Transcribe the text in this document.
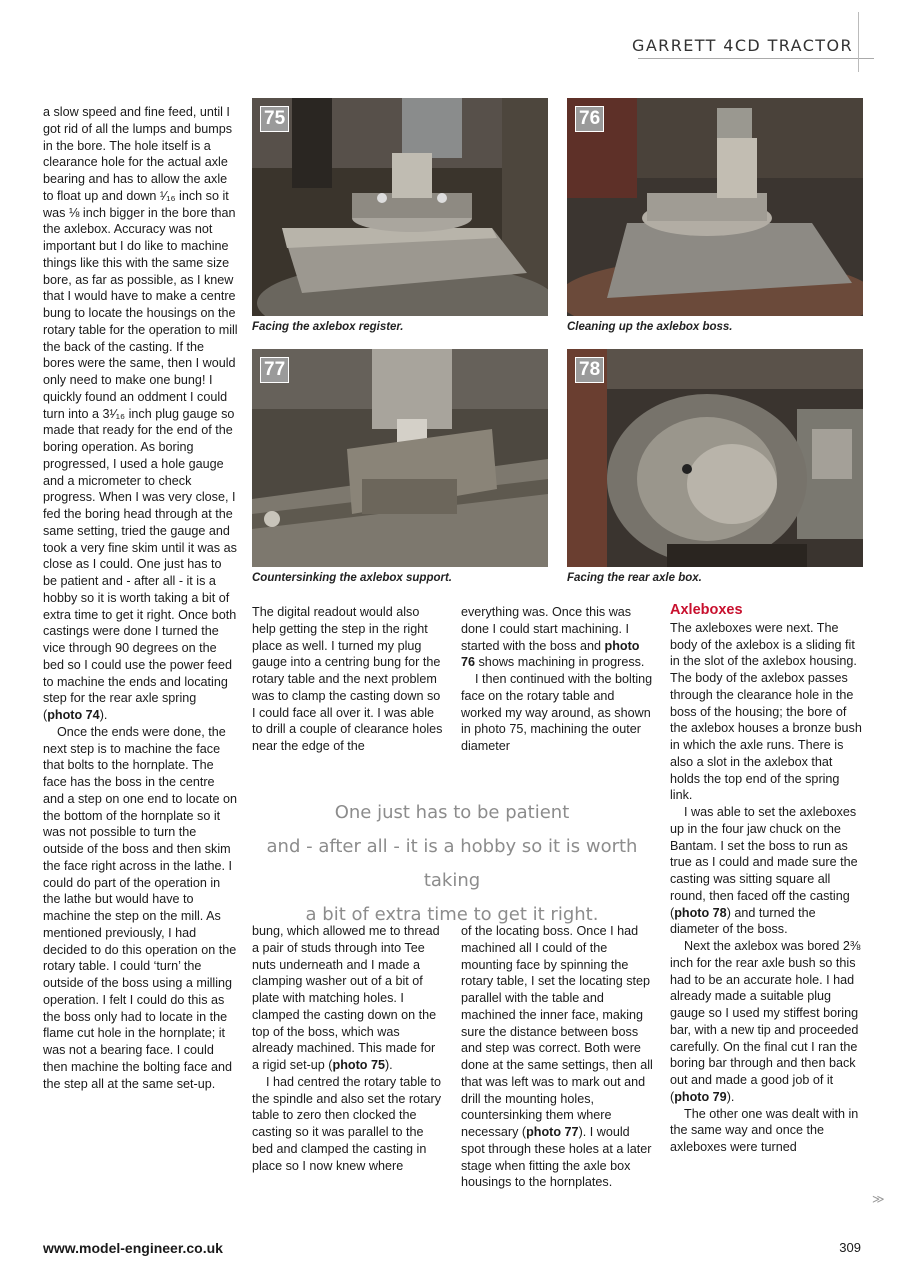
GARRETT 4CD TRACTOR

a slow speed and fine feed, until I got rid of all the lumps and bumps in the bore. The hole itself is a clearance hole for the actual axle bearing and has to allow the axle to float up and down ¹⁄₁₆ inch so it was ⅛ inch bigger in the bore than the axlebox. Accuracy was not important but I do like to machine things like this with the same size bore, as far as possible, as I knew that I would have to make a centre bung to locate the housings on the rotary table for the operation to mill the back of the casting. If the bores were the same, then I would only need to make one bung! I quickly found an oddment I could turn into a 3¹⁄₁₆ inch plug gauge so made that ready for the end of the boring operation. As boring progressed, I used a hole gauge and a micrometer to check progress. When I was very close, I fed the boring head through at the same setting, tried the gauge and took a very fine skim until it was as close as I could. One just has to be patient and - after all - it is a hobby so it is worth taking a bit of extra time to get it right. Once both castings were done I turned the vice through 90 degrees on the bed so I could use the power feed to machine the ends and locating step for the rear axle spring (photo 74).

Once the ends were done, the next step is to machine the face that bolts to the hornplate. The face has the boss in the centre and a step on one end to locate on the bottom of the hornplate so it was not possible to turn the outside of the boss and then skim the face right across in the lathe. I could do part of the operation in the lathe but would have to machine the step on the mill. As mentioned previously, I had decided to do this operation on the rotary table. I could ‘turn’ the outside of the boss using a milling operation. I felt I could do this as the boss only had to locate in the flame cut hole in the hornplate; it was not a bearing face. I could then machine the bolting face and the step all at the same set-up.

75
Facing the axlebox register.
76
Cleaning up the axlebox boss.
77
Countersinking the axlebox support.
78
Facing the rear axle box.

The digital readout would also help getting the step in the right place as well. I turned my plug gauge into a centring bung for the rotary table and the next problem was to clamp the casting down so I could face all over it. I was able to drill a couple of clearance holes near the edge of the

everything was. Once this was done I could start machining. I started with the boss and photo 76 shows machining in progress.

I then continued with the bolting face on the rotary table and worked my way around, as shown in photo 75, machining the outer diameter

One just has to be patient
and - after all - it is a hobby so it is worth taking
a bit of extra time to get it right.

bung, which allowed me to thread a pair of studs through into Tee nuts underneath and I made a clamping washer out of a bit of plate with matching holes. I clamped the casting down on the top of the boss, which was already machined. This made for a rigid set-up (photo 75).

I had centred the rotary table to the spindle and also set the rotary table to zero then clocked the casting so it was parallel to the bed and clamped the casting in place so I now knew where

of the locating boss. Once I had machined all I could of the mounting face by spinning the rotary table, I set the locating step parallel with the table and machined the inner face, making sure the distance between boss and step was correct. Both were done at the same settings, then all that was left was to mark out and drill the mounting holes, countersinking them where necessary (photo 77). I would spot through these holes at a later stage when fitting the axle box housings to the hornplates.

Axleboxes

The axleboxes were next. The body of the axlebox is a sliding fit in the slot of the axlebox housing. The body of the axlebox passes through the clearance hole in the boss of the housing; the bore of the axlebox houses a bronze bush in which the axle runs. There is also a slot in the axlebox that holds the top end of the spring link.

I was able to set the axleboxes up in the four jaw chuck on the Bantam. I set the boss to run as true as I could and made sure the casting was sitting square all round, then faced off the casting (photo 78) and turned the diameter of the boss.

Next the axlebox was bored 2⅜ inch for the rear axle bush so this had to be an accurate hole. I had already made a suitable plug gauge so I used my stiffest boring bar, with a new tip and proceeded carefully. On the final cut I ran the boring bar through and then back out and made a good job of it (photo 79).

The other one was dealt with in the same way and once the axleboxes were turned

≫
www.model-engineer.co.uk	309
